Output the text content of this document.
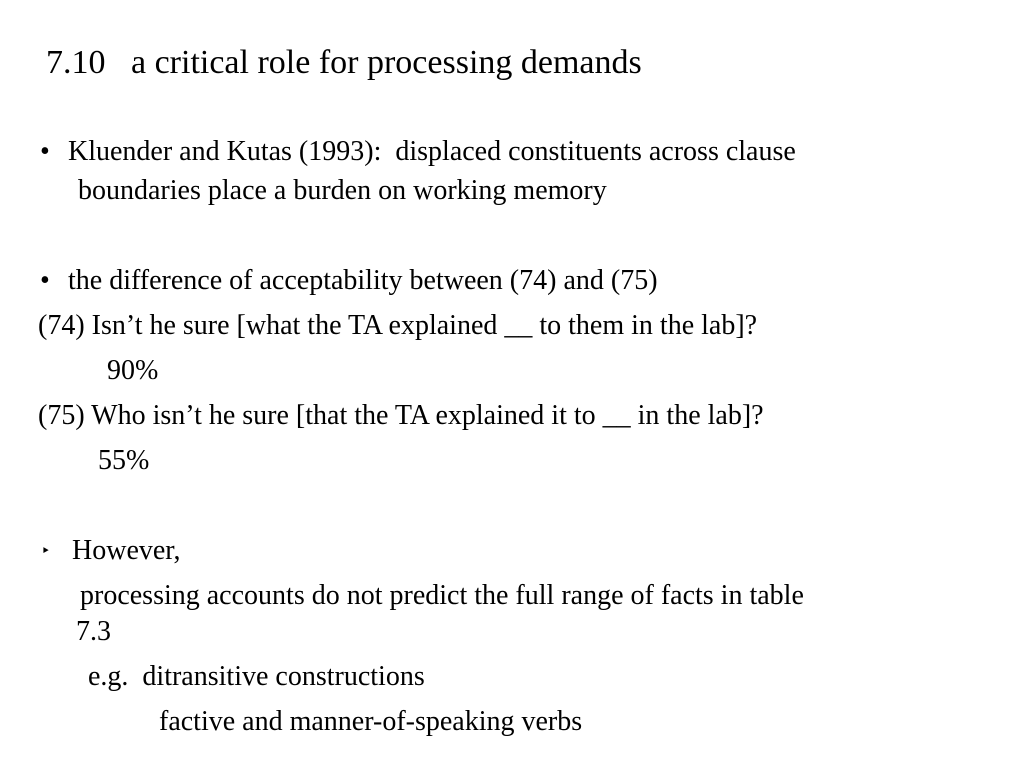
7.10 a critical role for processing demands
• Kluender and Kutas (1993):  displaced constituents across clause
boundaries place a burden on working memory
• the difference of acceptability between (74) and (75)
(74) Isn’t he sure [what the TA explained __ to them in the lab]?
90%
(75) Who isn’t he sure [that the TA explained it to __ in the lab]?
55%
‣ However,
processing accounts do not predict the full range of facts in table
7.3
e.g.  ditransitive constructions
factive and manner-of-speaking verbs
